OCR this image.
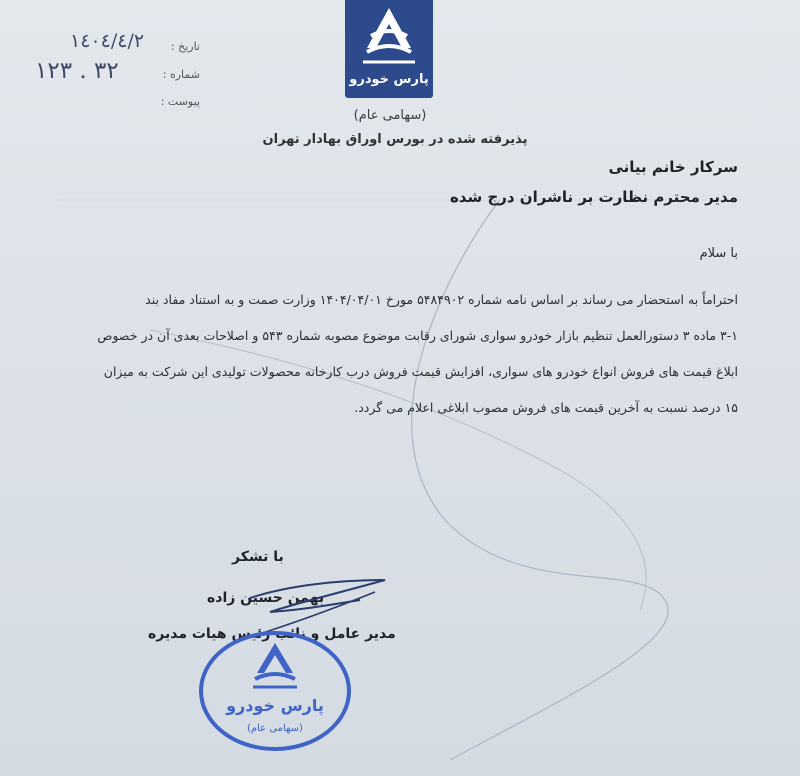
تاریخ :
۱٤٠٤/٤/٢
شماره :
۱۲۳ . ۳۲
پیوست :
پارس خودرو
(سهامی عام)
پذیرفته شده در بورس اوراق بهادار تهران
سرکار خانم بیانی
مدیر محترم نظارت بر ناشران درج شده
با سلام
احتراماً به استحضار می رساند بر اساس نامه شماره ۵۴۸۴۹۰۲ مورخ ۱۴۰۴/۰۴/۰۱ وزارت صمت و به استناد مفاد بند
۳-۱ ماده ۳ دستورالعمل تنظیم بازار خودرو سواری شورای رقابت موضوع مصوبه شماره ۵۴۳ و اصلاحات بعدی آن در خصوص
ابلاغ قیمت های فروش انواع خودرو های سواری، افزایش قیمت فروش درب کارخانه محصولات تولیدی این شرکت به میزان
۱۵ درصد نسبت به آخرین قیمت های فروش مصوب ابلاغی اعلام می گردد.
با تشکر
بهمن حسین زاده
مدیر عامل و نائب رئیس هیات مدیره
پارس خودرو
(سهامی عام)
